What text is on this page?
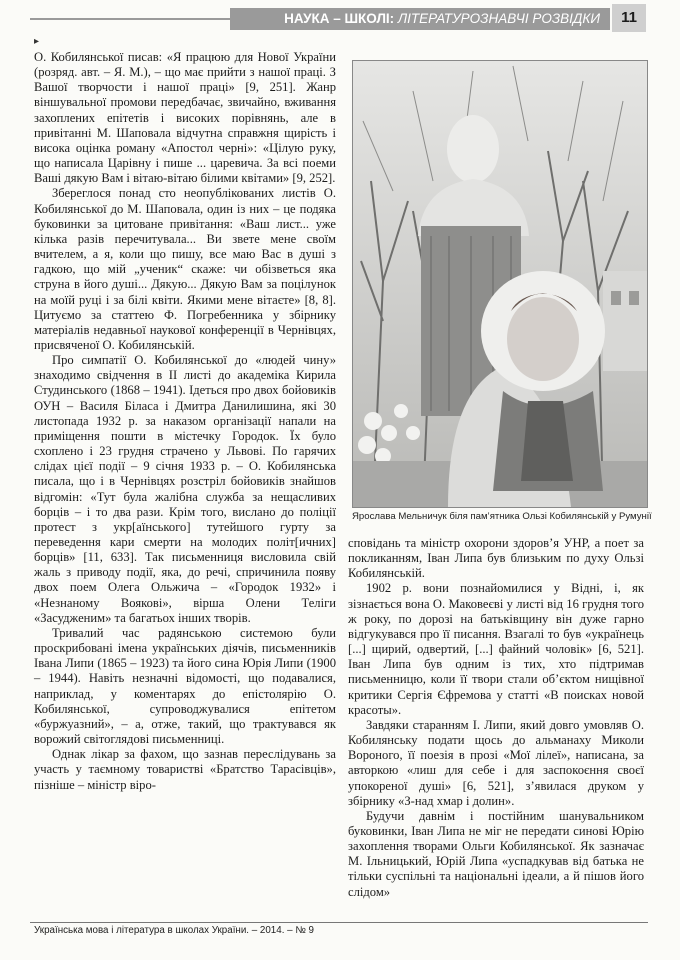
НАУКА – ШКОЛІ: ЛІТЕРАТУРОЗНАВЧІ РОЗВІДКИ	11
▸

О. Кобилянської писав: «Я працюю для Нової України (розряд. авт. – Я. М.), – що має прийти з нашої праці. З Вашої творчости і нашої праці» [9, 251]. Жанр віншувальної промови передбачає, звичайно, вживання захоплених епітетів і високих порівнянь, але в привітанні М. Шаповала відчутна справжня щирість і висока оцінка роману «Апостол черні»: «Цілую руку, що написала Царівну і пише ... царевича. За всі поеми Ваші дякую Вам і вітаю-вітаю білими квітами» [9, 252].

Збереглося понад сто неопублікованих листів О. Кобилянської до М. Шаповала, один із них – це подяка буковинки за цитоване привітання: «Ваш лист... уже кілька разів перечитувала... Ви звете мене своїм вчителем, а я, коли що пишу, все маю Вас в душі з гадкою, що мій „ученик“ скаже: чи обізветься яка струна в його душі... Дякую... Дякую Вам за поцілунок на моїй руці і за білі квіти. Якими мене вітаєте» [8, 8]. Цитуємо за статтею Ф. Погребенника у збірнику матеріалів недавньої наукової конференції в Чернівцях, присвяченої О. Кобилянській.

Про симпатії О. Кобилянської до «людей чину» знаходимо свідчення в ІІ листі до академіка Кирила Студинського (1868 – 1941). Ідеться про двох бойовиків ОУН – Василя Біласа і Дмитра Данилишина, які 30 листопада 1932 р. за наказом організації напали на приміщення пошти в містечку Городок. Їх було схоплено і 23 грудня страчено у Львові. По гарячих слідах цієї події – 9 січня 1933 р. – О. Кобилянська писала, що і в Чернівцях розстріл бойовиків знайшов відгомін: «Тут була жалібна служба за нещасливих борців – і то два рази. Крім того, вислано до поліції протест з укр[аїнського] тутейшого гурту за переведення кари смерти на молодих політ[ичних] борців» [11, 633]. Так письменниця висловила свій жаль з приводу події, яка, до речі, спричинила появу двох поем Олега Ольжича – «Городок 1932» і «Незнаному Воякові», вірша Олени Теліги «Засудженим» та багатьох інших творів.

Тривалий час радянською системою були проскрибовані імена українських діячів, письменників Івана Липи (1865 – 1923) та його сина Юрія Липи (1900 – 1944). Навіть незначні відомості, що подавалися, наприклад, у коментарях до епістолярію О. Кобилянської, супроводжувалися епітетом «буржуазний», – а, отже, такий, що трактувався як ворожий світоглядові письменниці.

Однак лікар за фахом, що зазнав переслідувань за участь у таємному товаристві «Братство Тарасівців», пізніше – міністр віро-

Ярослава Мельничук біля пам’ятника Ользі Кобилянській у Румунії

сповідань та міністр охорони здоров’я УНР, а поет за покликанням, Іван Липа був близьким по духу Ользі Кобилянській.

1902 р. вони познайомилися у Відні, і, як зізнається вона О. Маковеєві у листі від 16 грудня того ж року, по дорозі на батьківщину він дуже гарно відгукувався про її писання. Взагалі то був «українець [...] щирий, одвертий, [...] файний чоловік» [6, 521]. Іван Липа був одним із тих, хто підтримав письменницю, коли її твори стали об’єктом нищівної критики Сергія Єфремова у статті «В поисках новой красоты».

Завдяки старанням І. Липи, який довго умовляв О. Кобилянську подати щось до альманаху Миколи Вороного, її поезія в прозі «Мої лілеї», написана, за авторкою «лиш для себе і для заспокоєння своєї упокореної душі» [6, 521], з’явилася друком у збірнику «З-над хмар і долин».

Будучи давнім і постійним шанувальником буковинки, Іван Липа не міг не передати синові Юрію захоплення творами Ольги Кобилянської. Як зазначає М. Ільницький, Юрій Липа «успадкував від батька не тільки суспільні та національні ідеали, а й пішов його слідом»

Українська мова і література в школах України. – 2014. – № 9
